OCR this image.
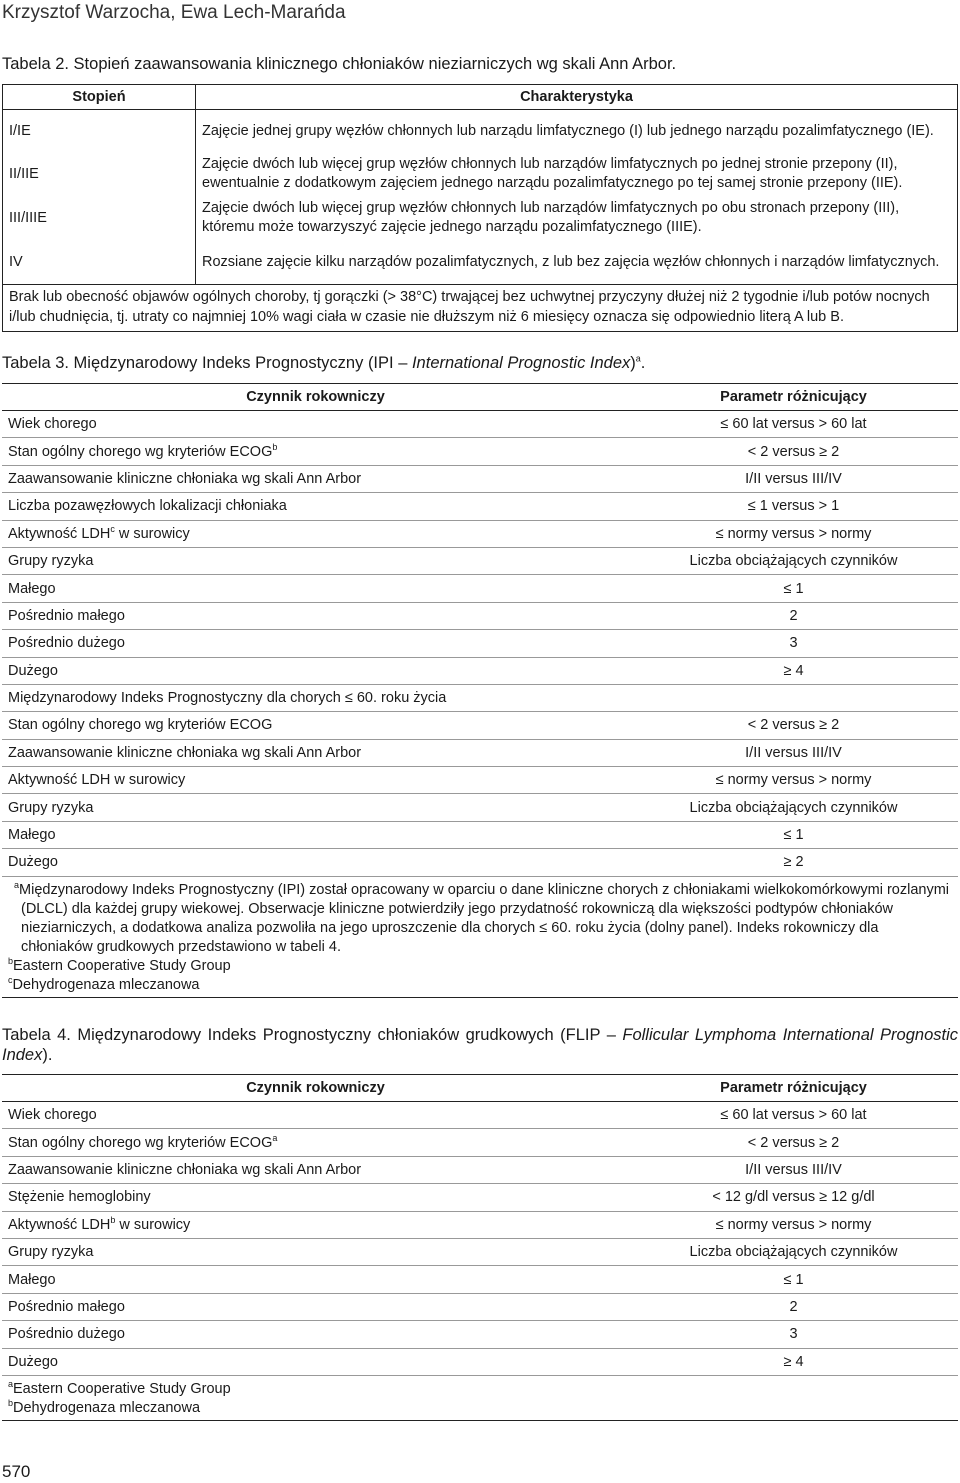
Krzysztof Warzocha, Ewa Lech-Marańda
Tabela 2. Stopień zaawansowania klinicznego chłoniaków nieziarniczych wg skali Ann Arbor.
Stopień	Charakterystyka
I/IE	Zajęcie jednej grupy węzłów chłonnych lub narządu limfatycznego (I) lub jednego narządu pozalimfatycznego (IE).
II/IIE	Zajęcie dwóch lub więcej grup węzłów chłonnych lub narządów limfatycznych po jednej stronie przepony (II), ewentualnie z dodatkowym zajęciem jednego narządu pozalimfatycznego po tej samej stronie przepony (IIE).
III/IIIE	Zajęcie dwóch lub więcej grup węzłów chłonnych lub narządów limfatycznych po obu stronach przepony (III), któremu może towarzyszyć zajęcie jednego narządu pozalimfatycznego (IIIE).
IV	Rozsiane zajęcie kilku narządów pozalimfatycznych, z lub bez zajęcia węzłów chłonnych i narządów limfatycznych.
Brak lub obecność objawów ogólnych choroby, tj gorączki (> 38°C) trwającej bez uchwytnej przyczyny dłużej niż 2 tygodnie i/lub potów nocnych i/lub chudnięcia, tj. utraty co najmniej 10% wagi ciała w czasie nie dłuższym niż 6 miesięcy oznacza się odpowiednio literą A lub B.	
Tabela 3. Międzynarodowy Indeks Prognostyczny (IPI – International Prognostic Index)$^a$.
Czynnik rokowniczy	Parametr różnicujący
Wiek chorego	≤ 60 lat versus > 60 lat
Stan ogólny chorego wg kryteriów $ECOG^b$	< 2 versus ≥ 2
Zaawansowanie kliniczne chłoniaka wg skali Ann Arbor	I/II versus III/IV
Liczba pozawęzłowych lokalizacji chłoniaka	≤ 1 versus > 1
Aktywność LDH$^c$ w surowicy	≤ normy versus > normy
Grupy ryzyka	Liczba obciążających czynników
Małego	≤ 1
Pośrednio małego	2
Pośrednio dużego	3
Dużego	≥ 4
Międzynarodowy Indeks Prognostyczny dla chorych ≤ 60. roku życia	
Stan ogólny chorego wg kryteriów ECOG	< 2 versus ≥ 2
Zaawansowanie kliniczne chłoniaka wg skali Ann Arbor	I/II versus III/IV
Aktywność LDH w surowicy	≤ normy versus > normy
Grupy ryzyka	Liczba obciążających czynników
Małego	≤ 1
Dużego	≥ 2

$^a$Międzynarodowy Indeks Prognostyczny (IPI) został opracowany w oparciu o dane kliniczne chorych z chłoniakami wielkokomórkowymi rozlanymi (DLCL) dla każdej grupy wiekowej. Obserwacje kliniczne potwierdziły jego przydatność rokowniczą dla większości podtypów chłoniaków nieziarniczych, a dodatkowa analiza pozwoliła na jego uproszczenie dla chorych ≤ 60. roku życia (dolny panel). Indeks rokowniczy dla chłoniaków grudkowych przedstawiono w tabeli 4.
$^b$Eastern Cooperative Study Group
$^c$Dehydrogenaza mleczanowa	
Tabela 4. Międzynarodowy Indeks Prognostyczny chłoniaków grudkowych (FLIP – Follicular Lymphoma International Prognostic Index).
Czynnik rokowniczy	Parametr różnicujący
Wiek chorego	≤ 60 lat versus > 60 lat
Stan ogólny chorego wg kryteriów $ECOG^a$	< 2 versus ≥ 2
Zaawansowanie kliniczne chłoniaka wg skali Ann Arbor	I/II versus III/IV
Stężenie hemoglobiny	< 12 g/dl versus ≥ 12 g/dl
Aktywność LDH$^b$ w surowicy	≤ normy versus > normy
Grupy ryzyka	Liczba obciążających czynników
Małego	≤ 1
Pośrednio małego	2
Pośrednio dużego	3
Dużego	≥ 4

$^a$Eastern Cooperative Study Group
$^b$Dehydrogenaza mleczanowa	
570
